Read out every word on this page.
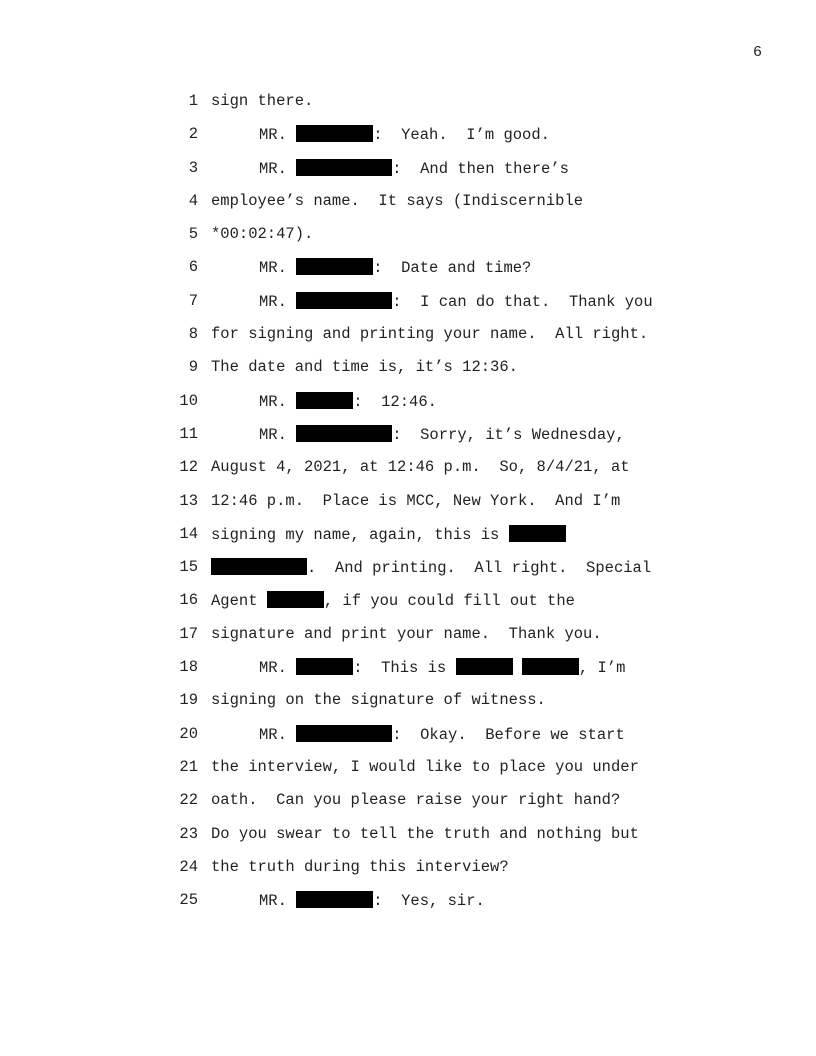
6

1

sign there.

2

	MR.	:  Yeah.  I’m good.

3

	MR.	:  And then there’s

4

employee’s name.  It says (Indiscernible

5

*00:02:47).

6

	MR.	:  Date and time?

7

	MR.	:  I can do that.  Thank you

8

for signing and printing your name.  All right.

9

The date and time is, it’s 12:36.

10

	MR.	:  12:46.

11

	MR.	:  Sorry, it’s Wednesday,

12

August 4, 2021, at 12:46 p.m.  So, 8/4/21, at

13

12:46 p.m.  Place is MCC, New York.  And I’m

14

signing my name, again, this is

15

	.  And printing.  All right.  Special

16

Agent	, if you could fill out the

17

signature and print your name.  Thank you.

18

	MR.	:  This is	, I’m

19

signing on the signature of witness.

20

	MR.	:  Okay.  Before we start

21

the interview, I would like to place you under

22

oath.  Can you please raise your right hand?

23

Do you swear to tell the truth and nothing but

24

the truth during this interview?

25

	MR.	:  Yes, sir.
